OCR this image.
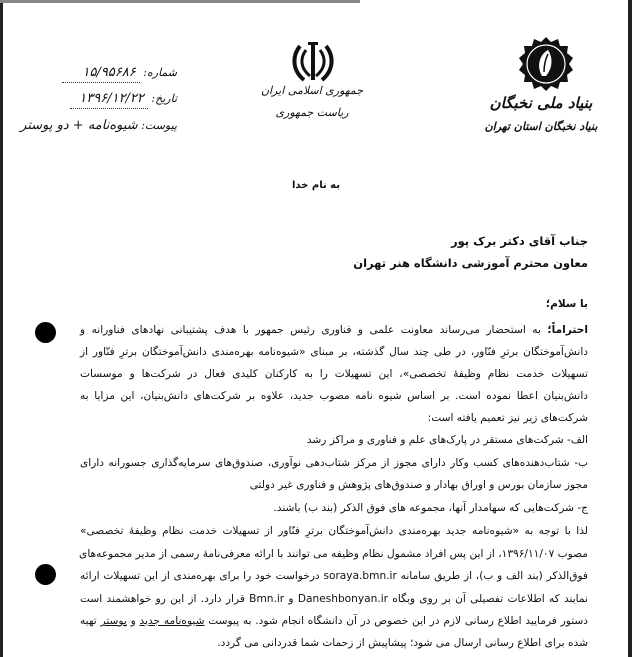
بنیاد ملی نخبگان
بنیاد نخبگان استان تهران
جمهوری اسلامی ایران
ریاست جمهوری
شماره: ۱۵/۹۵۶۸۶
تاریخ: ۱۳۹۶/۱۲/۲۲
پیوست: شیوه‌نامه + دو پوستر
به نام خدا
جناب آقای دکتر برک پور
معاون محترم آموزشی دانشگاه هنر تهران
با سلام؛
احتراماً؛ به استحضار می‌رساند معاونت علمی و فناوری رئیس جمهور با هدف پشتیبانی نهادهای فناورانه و
دانش‌آموختگان برترِ فنّاور، در طی چند سال گذشته، بر مبنای «شیوه‌نامه بهره‌مندی دانش‌آموختگان برترِ فنّاور از
تسهیلات خدمت نظام وظیفۀ تخصصی»، این تسهیلات را به کارکنان کلیدی فعال در شرکت‌ها و موسسات
دانش‌بنیان اعطا نموده است. بر اساس شیوه نامه مصوب جدید، علاوه بر شرکت‌های دانش‌بنیان، این مزایا به
شرکت‌های زیر نیز تعمیم یافته است:
الف- شرکت‌های مستقر در پارک‌های علم و فناوری و مراکز رشد
ب- شتاب‌دهنده‌های کسب وکار دارای مجوز از مرکز شتاب‌دهی نوآوری، صندوق‌های سرمایه‌گذاری جسورانه دارای
مجوز سازمان بورس و اوراق بهادار و صندوق‌های پژوهش و فناوری غیر دولتی
ج- شرکت‌هایی که سهامدار آنها، مجموعه های فوق الذکر (بند ب) باشند.
لذا با توجه به «شیوه‌نامه جدید بهره‌مندی دانش‌آموختگان برترِ فنّاور از تسهیلات خدمت نظام وظیفۀ تخصصی»
مصوب ۱۳۹۶/۱۱/۰۷، از این پس افراد مشمول نظام وظیفه می توانند با ارائه معرفی‌نامۀ رسمی از مدیر مجموعه‌های
فوق‌الذکر (بند الف و ب)، از طریق سامانه soraya.bmn.ir درخواست خود را برای بهره‌مندی از این تسهیلات ارائه
نمایند که اطلاعات تفصیلی آن بر روی وبگاه Daneshbonyan.ir و Bmn.ir قرار دارد. از این رو خواهشمند است
دستور فرمایید اطلاع رسانی لازم در این خصوص در آن دانشگاه انجام شود. به پیوست شیوه‌نامه جدید و پوستر تهیه
شده برای اطلاع رسانی ارسال می شود؛ پیشاپیش از زحمات شما قدردانی می گردد.
